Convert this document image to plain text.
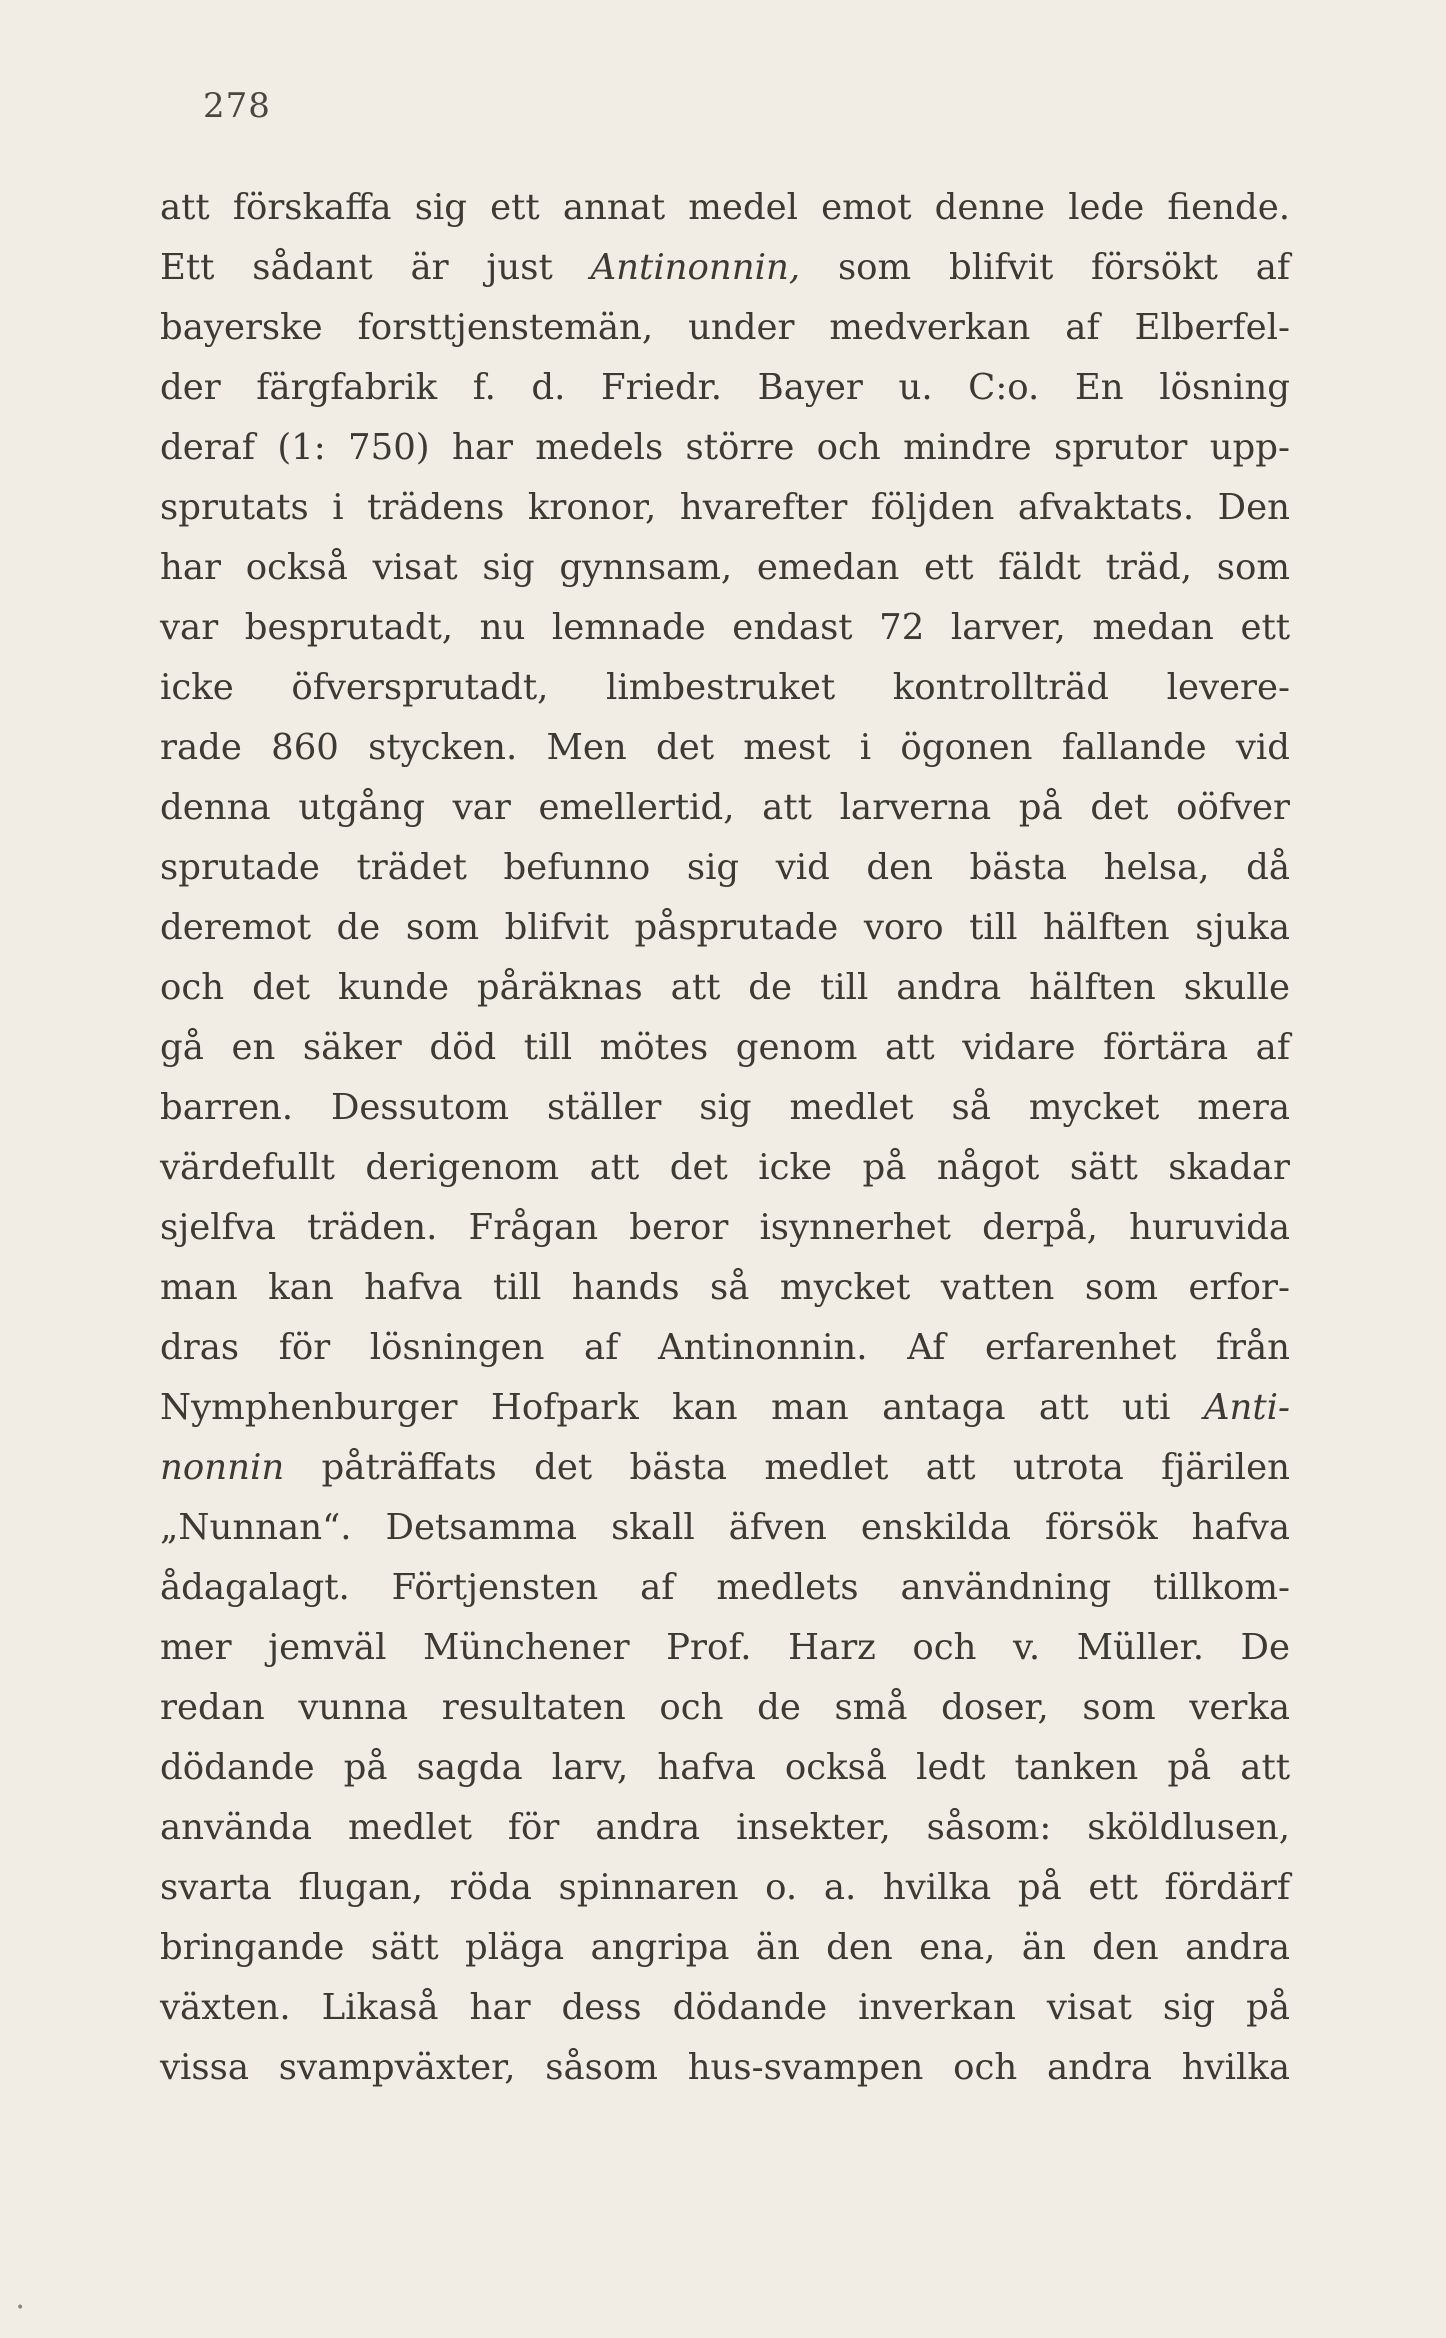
278
att förskaffa sig ett annat medel emot denne lede fiende.
Ett sådant är just Antinonnin, som blifvit försökt af
bayerske forsttjenstemän, under medverkan af Elberfel-
der färgfabrik f. d. Friedr. Bayer u. C:o. En lösning
deraf (1: 750) har medels större och mindre sprutor upp-
sprutats i trädens kronor, hvarefter följden afvaktats. Den
har också visat sig gynnsam, emedan ett fäldt träd, som
var besprutadt, nu lemnade endast 72 larver, medan ett
icke öfversprutadt, limbestruket kontrollträd levere-
rade 860 stycken. Men det mest i ögonen fallande vid
denna utgång var emellertid, att larverna på det oöfver
sprutade trädet befunno sig vid den bästa helsa, då
deremot de som blifvit påsprutade voro till hälften sjuka
och det kunde påräknas att de till andra hälften skulle
gå en säker död till mötes genom att vidare förtära af
barren. Dessutom ställer sig medlet så mycket mera
värdefullt derigenom att det icke på något sätt skadar
sjelfva träden. Frågan beror isynnerhet derpå, huruvida
man kan hafva till hands så mycket vatten som erfor-
dras för lösningen af Antinonnin. Af erfarenhet från
Nymphenburger Hofpark kan man antaga att uti Anti-
nonnin påträffats det bästa medlet att utrota fjärilen
„Nunnan“. Detsamma skall äfven enskilda försök hafva
ådagalagt. Förtjensten af medlets användning tillkom-
mer jemväl Münchener Prof. Harz och v. Müller. De
redan vunna resultaten och de små doser, som verka
dödande på sagda larv, hafva också ledt tanken på att
använda medlet för andra insekter, såsom: sköldlusen,
svarta flugan, röda spinnaren o. a. hvilka på ett fördärf
bringande sätt pläga angripa än den ena, än den andra
växten. Likaså har dess dödande inverkan visat sig på
vissa svampväxter, såsom hus-svampen och andra hvilka
•
